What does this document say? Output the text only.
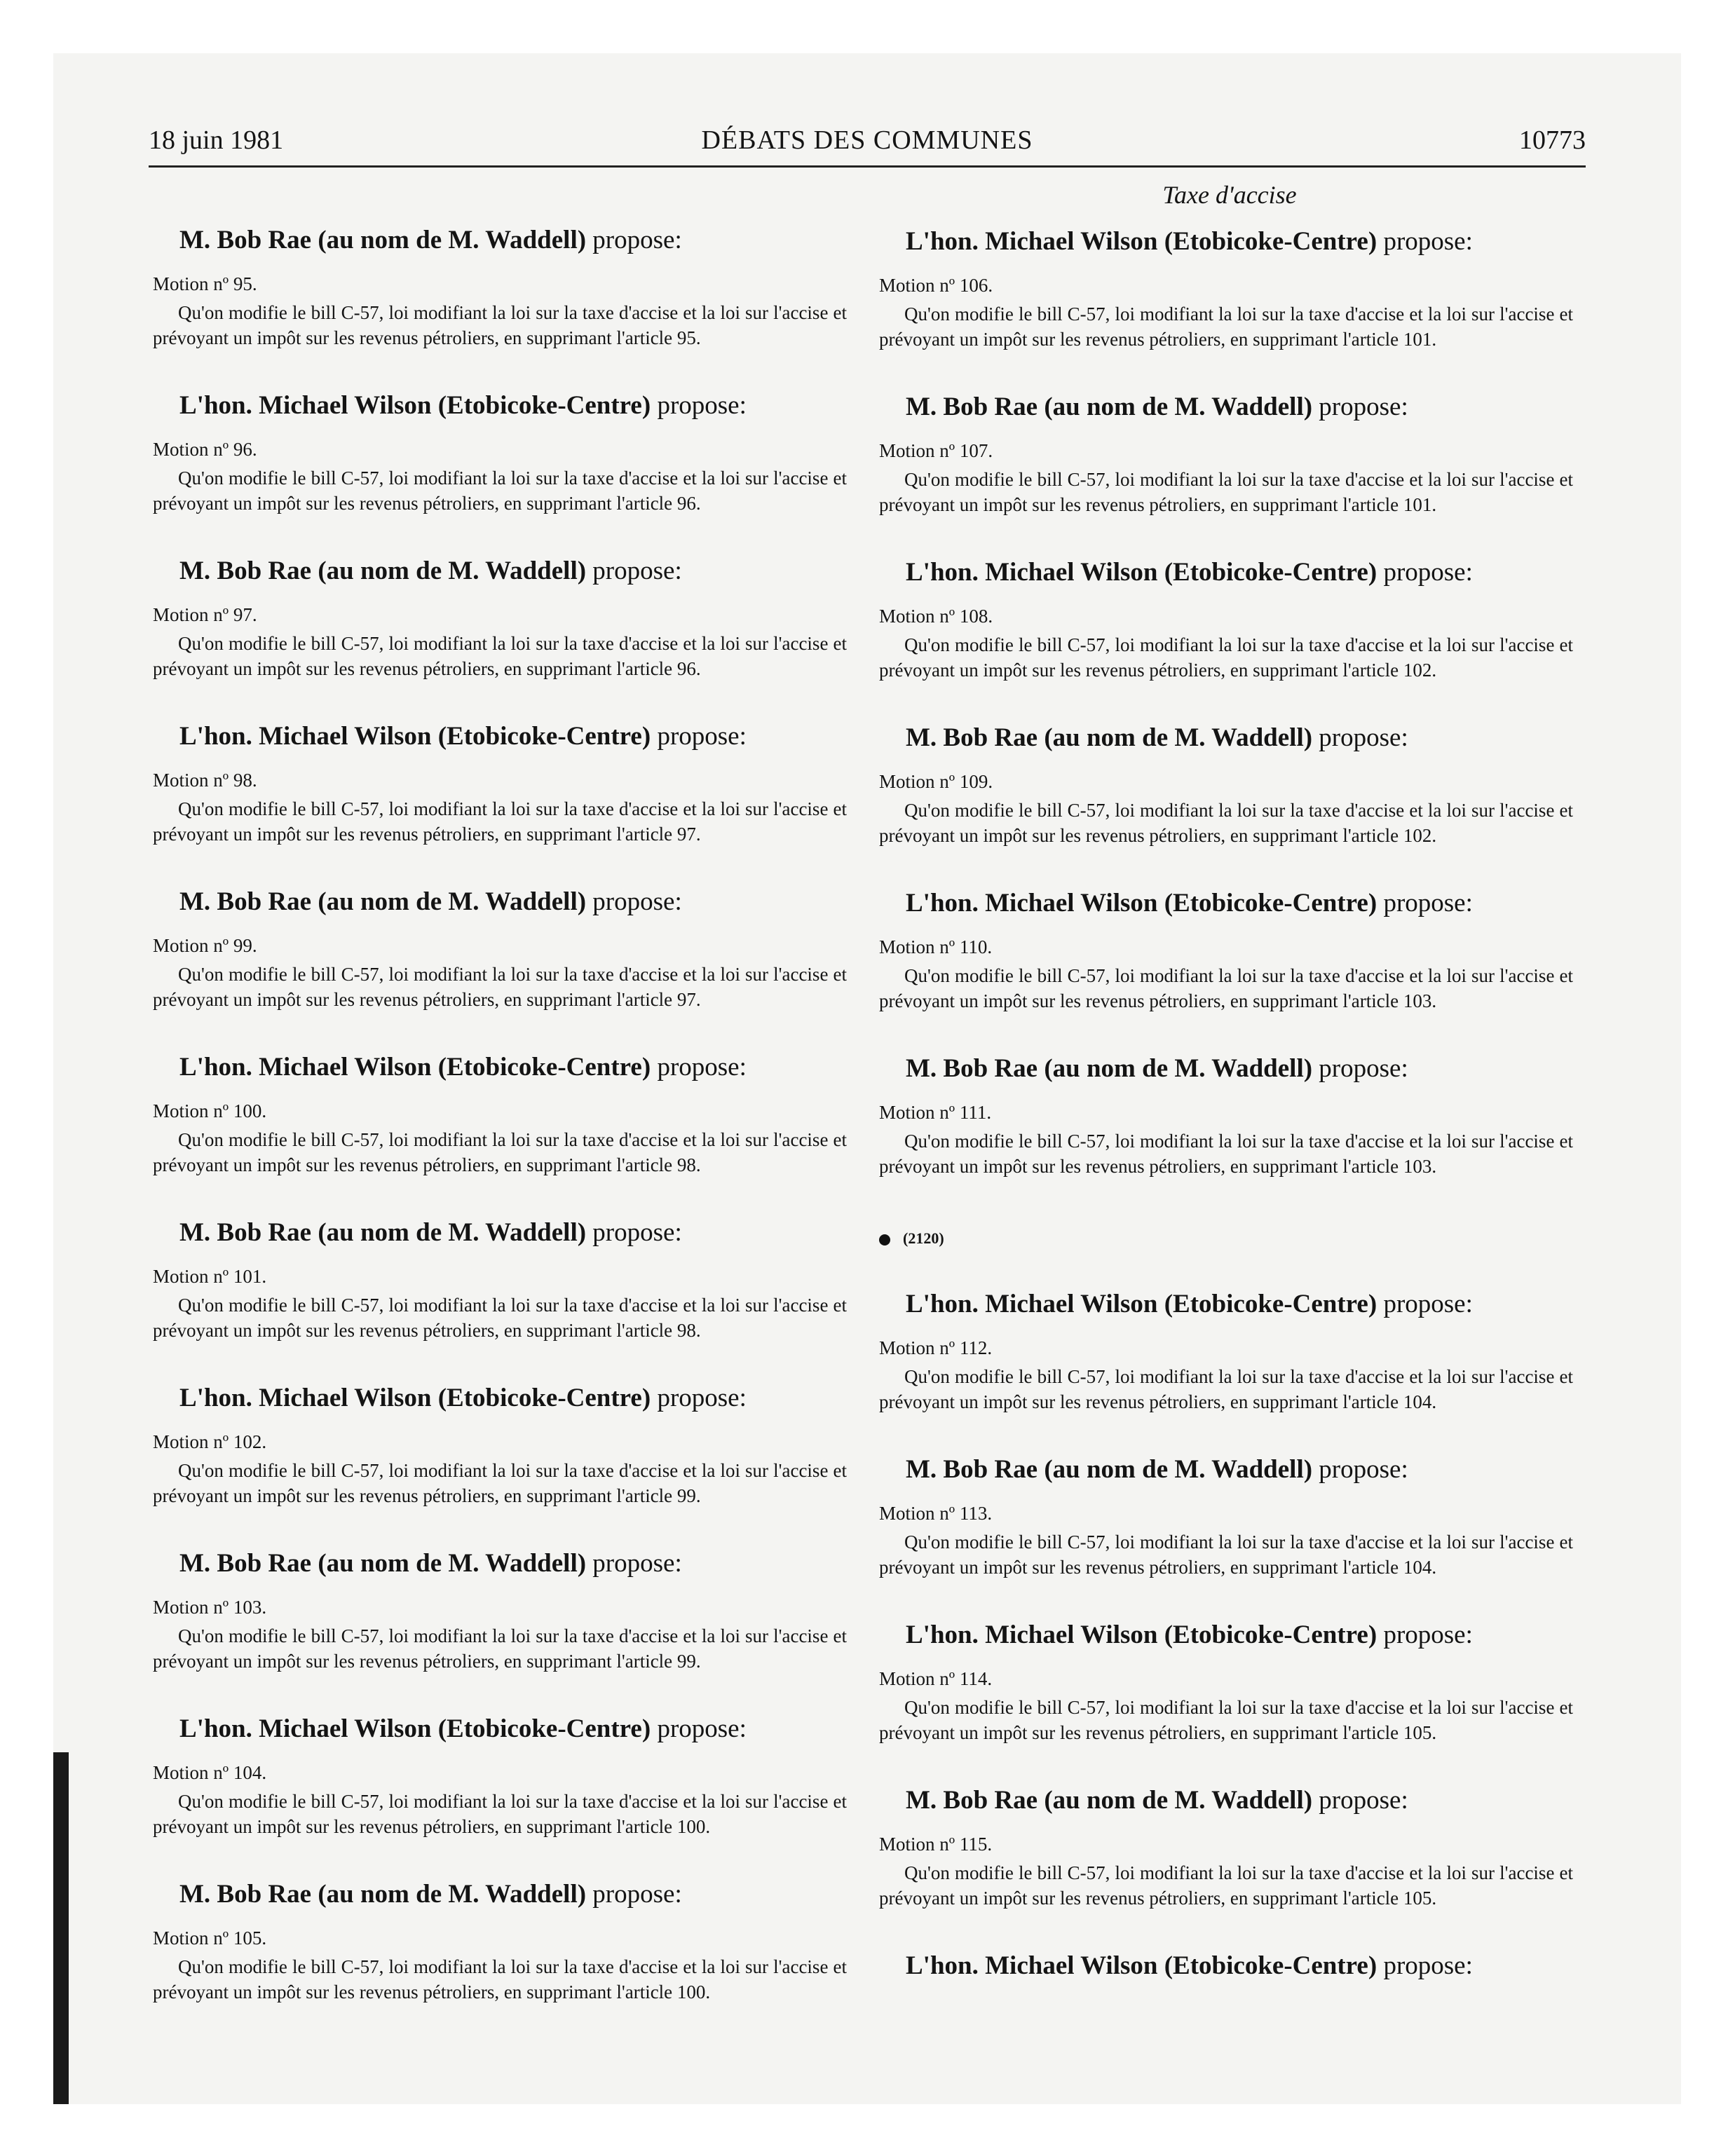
18 juin 1981	DÉBATS DES COMMUNES	10773
M. Bob Rae (au nom de M. Waddell) propose:
Motion nº 95.
Qu'on modifie le bill C-57, loi modifiant la loi sur la taxe d'accise et la loi sur l'accise et prévoyant un impôt sur les revenus pétroliers, en supprimant l'article 95.
L'hon. Michael Wilson (Etobicoke-Centre) propose:
Motion nº 96.
Qu'on modifie le bill C-57, loi modifiant la loi sur la taxe d'accise et la loi sur l'accise et prévoyant un impôt sur les revenus pétroliers, en supprimant l'article 96.
M. Bob Rae (au nom de M. Waddell) propose:
Motion nº 97.
Qu'on modifie le bill C-57, loi modifiant la loi sur la taxe d'accise et la loi sur l'accise et prévoyant un impôt sur les revenus pétroliers, en supprimant l'article 96.
L'hon. Michael Wilson (Etobicoke-Centre) propose:
Motion nº 98.
Qu'on modifie le bill C-57, loi modifiant la loi sur la taxe d'accise et la loi sur l'accise et prévoyant un impôt sur les revenus pétroliers, en supprimant l'article 97.
M. Bob Rae (au nom de M. Waddell) propose:
Motion nº 99.
Qu'on modifie le bill C-57, loi modifiant la loi sur la taxe d'accise et la loi sur l'accise et prévoyant un impôt sur les revenus pétroliers, en supprimant l'article 97.
L'hon. Michael Wilson (Etobicoke-Centre) propose:
Motion nº 100.
Qu'on modifie le bill C-57, loi modifiant la loi sur la taxe d'accise et la loi sur l'accise et prévoyant un impôt sur les revenus pétroliers, en supprimant l'article 98.
M. Bob Rae (au nom de M. Waddell) propose:
Motion nº 101.
Qu'on modifie le bill C-57, loi modifiant la loi sur la taxe d'accise et la loi sur l'accise et prévoyant un impôt sur les revenus pétroliers, en supprimant l'article 98.
L'hon. Michael Wilson (Etobicoke-Centre) propose:
Motion nº 102.
Qu'on modifie le bill C-57, loi modifiant la loi sur la taxe d'accise et la loi sur l'accise et prévoyant un impôt sur les revenus pétroliers, en supprimant l'article 99.
M. Bob Rae (au nom de M. Waddell) propose:
Motion nº 103.
Qu'on modifie le bill C-57, loi modifiant la loi sur la taxe d'accise et la loi sur l'accise et prévoyant un impôt sur les revenus pétroliers, en supprimant l'article 99.
L'hon. Michael Wilson (Etobicoke-Centre) propose:
Motion nº 104.
Qu'on modifie le bill C-57, loi modifiant la loi sur la taxe d'accise et la loi sur l'accise et prévoyant un impôt sur les revenus pétroliers, en supprimant l'article 100.
M. Bob Rae (au nom de M. Waddell) propose:
Motion nº 105.
Qu'on modifie le bill C-57, loi modifiant la loi sur la taxe d'accise et la loi sur l'accise et prévoyant un impôt sur les revenus pétroliers, en supprimant l'article 100.
Taxe d'accise
L'hon. Michael Wilson (Etobicoke-Centre) propose:
Motion nº 106.
Qu'on modifie le bill C-57, loi modifiant la loi sur la taxe d'accise et la loi sur l'accise et prévoyant un impôt sur les revenus pétroliers, en supprimant l'article 101.
M. Bob Rae (au nom de M. Waddell) propose:
Motion nº 107.
Qu'on modifie le bill C-57, loi modifiant la loi sur la taxe d'accise et la loi sur l'accise et prévoyant un impôt sur les revenus pétroliers, en supprimant l'article 101.
L'hon. Michael Wilson (Etobicoke-Centre) propose:
Motion nº 108.
Qu'on modifie le bill C-57, loi modifiant la loi sur la taxe d'accise et la loi sur l'accise et prévoyant un impôt sur les revenus pétroliers, en supprimant l'article 102.
M. Bob Rae (au nom de M. Waddell) propose:
Motion nº 109.
Qu'on modifie le bill C-57, loi modifiant la loi sur la taxe d'accise et la loi sur l'accise et prévoyant un impôt sur les revenus pétroliers, en supprimant l'article 102.
L'hon. Michael Wilson (Etobicoke-Centre) propose:
Motion nº 110.
Qu'on modifie le bill C-57, loi modifiant la loi sur la taxe d'accise et la loi sur l'accise et prévoyant un impôt sur les revenus pétroliers, en supprimant l'article 103.
M. Bob Rae (au nom de M. Waddell) propose:
Motion nº 111.
Qu'on modifie le bill C-57, loi modifiant la loi sur la taxe d'accise et la loi sur l'accise et prévoyant un impôt sur les revenus pétroliers, en supprimant l'article 103.
(2120)
L'hon. Michael Wilson (Etobicoke-Centre) propose:
Motion nº 112.
Qu'on modifie le bill C-57, loi modifiant la loi sur la taxe d'accise et la loi sur l'accise et prévoyant un impôt sur les revenus pétroliers, en supprimant l'article 104.
M. Bob Rae (au nom de M. Waddell) propose:
Motion nº 113.
Qu'on modifie le bill C-57, loi modifiant la loi sur la taxe d'accise et la loi sur l'accise et prévoyant un impôt sur les revenus pétroliers, en supprimant l'article 104.
L'hon. Michael Wilson (Etobicoke-Centre) propose:
Motion nº 114.
Qu'on modifie le bill C-57, loi modifiant la loi sur la taxe d'accise et la loi sur l'accise et prévoyant un impôt sur les revenus pétroliers, en supprimant l'article 105.
M. Bob Rae (au nom de M. Waddell) propose:
Motion nº 115.
Qu'on modifie le bill C-57, loi modifiant la loi sur la taxe d'accise et la loi sur l'accise et prévoyant un impôt sur les revenus pétroliers, en supprimant l'article 105.
L'hon. Michael Wilson (Etobicoke-Centre) propose:
